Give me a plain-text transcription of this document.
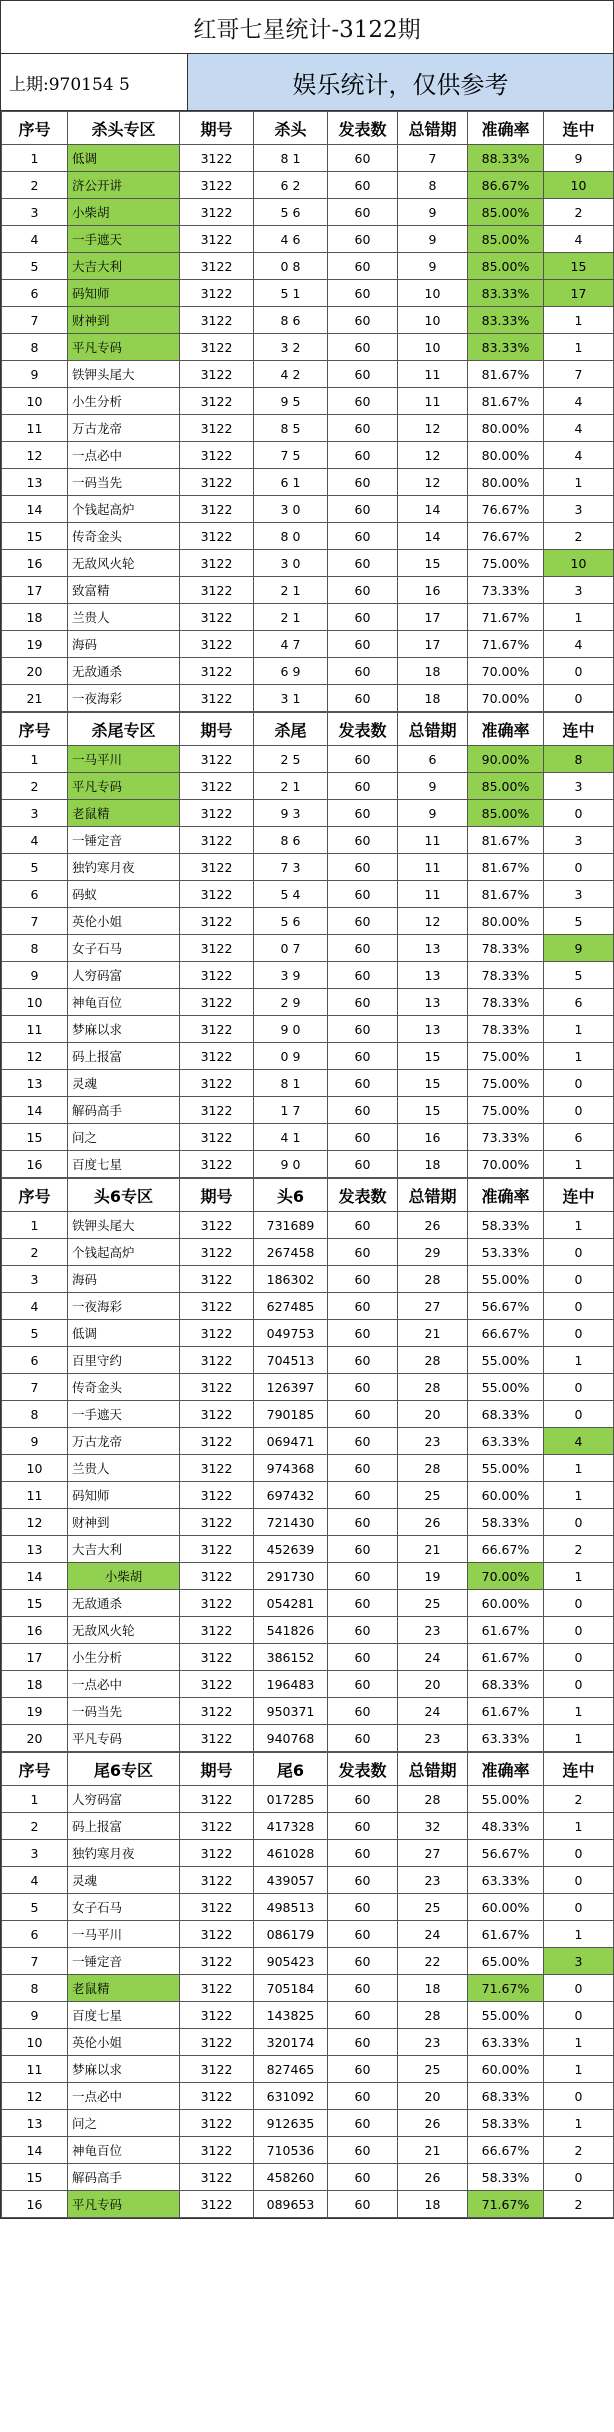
红哥七星统计-3122期
上期:970154 5	娱乐统计，仅供参考
序号	杀头专区	期号	杀头	发表数	总错期	准确率	连中
1	低调	3122	8 1	60	7	88.33%	9
2	济公开讲	3122	6 2	60	8	86.67%	10
3	小柴胡	3122	5 6	60	9	85.00%	2
4	一手遮天	3122	4 6	60	9	85.00%	4
5	大吉大利	3122	0 8	60	9	85.00%	15
6	码知师	3122	5 1	60	10	83.33%	17
7	财神到	3122	8 6	60	10	83.33%	1
8	平凡专码	3122	3 2	60	10	83.33%	1
9	铁钾头尾大	3122	4 2	60	11	81.67%	7
10	小生分析	3122	9 5	60	11	81.67%	4
11	万古龙帝	3122	8 5	60	12	80.00%	4
12	一点必中	3122	7 5	60	12	80.00%	4
13	一码当先	3122	6 1	60	12	80.00%	1
14	个钱起高炉	3122	3 0	60	14	76.67%	3
15	传奇金头	3122	8 0	60	14	76.67%	2
16	无敌风火轮	3122	3 0	60	15	75.00%	10
17	致富精	3122	2 1	60	16	73.33%	3
18	兰贵人	3122	2 1	60	17	71.67%	1
19	海码	3122	4 7	60	17	71.67%	4
20	无敌通杀	3122	6 9	60	18	70.00%	0
21	一夜海彩	3122	3 1	60	18	70.00%	0
序号	杀尾专区	期号	杀尾	发表数	总错期	准确率	连中
1	一马平川	3122	2 5	60	6	90.00%	8
2	平凡专码	3122	2 1	60	9	85.00%	3
3	老鼠精	3122	9 3	60	9	85.00%	0
4	一锤定音	3122	8 6	60	11	81.67%	3
5	独钓寒月夜	3122	7 3	60	11	81.67%	0
6	码蚁	3122	5 4	60	11	81.67%	3
7	英伦小姐	3122	5 6	60	12	80.00%	5
8	女子石马	3122	0 7	60	13	78.33%	9
9	人穷码富	3122	3 9	60	13	78.33%	5
10	神龟百位	3122	2 9	60	13	78.33%	6
11	梦麻以求	3122	9 0	60	13	78.33%	1
12	码上报富	3122	0 9	60	15	75.00%	1
13	灵魂	3122	8 1	60	15	75.00%	0
14	解码高手	3122	1 7	60	15	75.00%	0
15	问之	3122	4 1	60	16	73.33%	6
16	百度七星	3122	9 0	60	18	70.00%	1
序号	头6专区	期号	头6	发表数	总错期	准确率	连中
1	铁钾头尾大	3122	731689	60	26	58.33%	1
2	个钱起高炉	3122	267458	60	29	53.33%	0
3	海码	3122	186302	60	28	55.00%	0
4	一夜海彩	3122	627485	60	27	56.67%	0
5	低调	3122	049753	60	21	66.67%	0
6	百里守约	3122	704513	60	28	55.00%	1
7	传奇金头	3122	126397	60	28	55.00%	0
8	一手遮天	3122	790185	60	20	68.33%	0
9	万古龙帝	3122	069471	60	23	63.33%	4
10	兰贵人	3122	974368	60	28	55.00%	1
11	码知师	3122	697432	60	25	60.00%	1
12	财神到	3122	721430	60	26	58.33%	0
13	大吉大利	3122	452639	60	21	66.67%	2
14	小柴胡	3122	291730	60	19	70.00%	1
15	无敌通杀	3122	054281	60	25	60.00%	0
16	无敌风火轮	3122	541826	60	23	61.67%	0
17	小生分析	3122	386152	60	24	61.67%	0
18	一点必中	3122	196483	60	20	68.33%	0
19	一码当先	3122	950371	60	24	61.67%	1
20	平凡专码	3122	940768	60	23	63.33%	1
序号	尾6专区	期号	尾6	发表数	总错期	准确率	连中
1	人穷码富	3122	017285	60	28	55.00%	2
2	码上报富	3122	417328	60	32	48.33%	1
3	独钓寒月夜	3122	461028	60	27	56.67%	0
4	灵魂	3122	439057	60	23	63.33%	0
5	女子石马	3122	498513	60	25	60.00%	0
6	一马平川	3122	086179	60	24	61.67%	1
7	一锤定音	3122	905423	60	22	65.00%	3
8	老鼠精	3122	705184	60	18	71.67%	0
9	百度七星	3122	143825	60	28	55.00%	0
10	英伦小姐	3122	320174	60	23	63.33%	1
11	梦麻以求	3122	827465	60	25	60.00%	1
12	一点必中	3122	631092	60	20	68.33%	0
13	问之	3122	912635	60	26	58.33%	1
14	神龟百位	3122	710536	60	21	66.67%	2
15	解码高手	3122	458260	60	26	58.33%	0
16	平凡专码	3122	089653	60	18	71.67%	2
